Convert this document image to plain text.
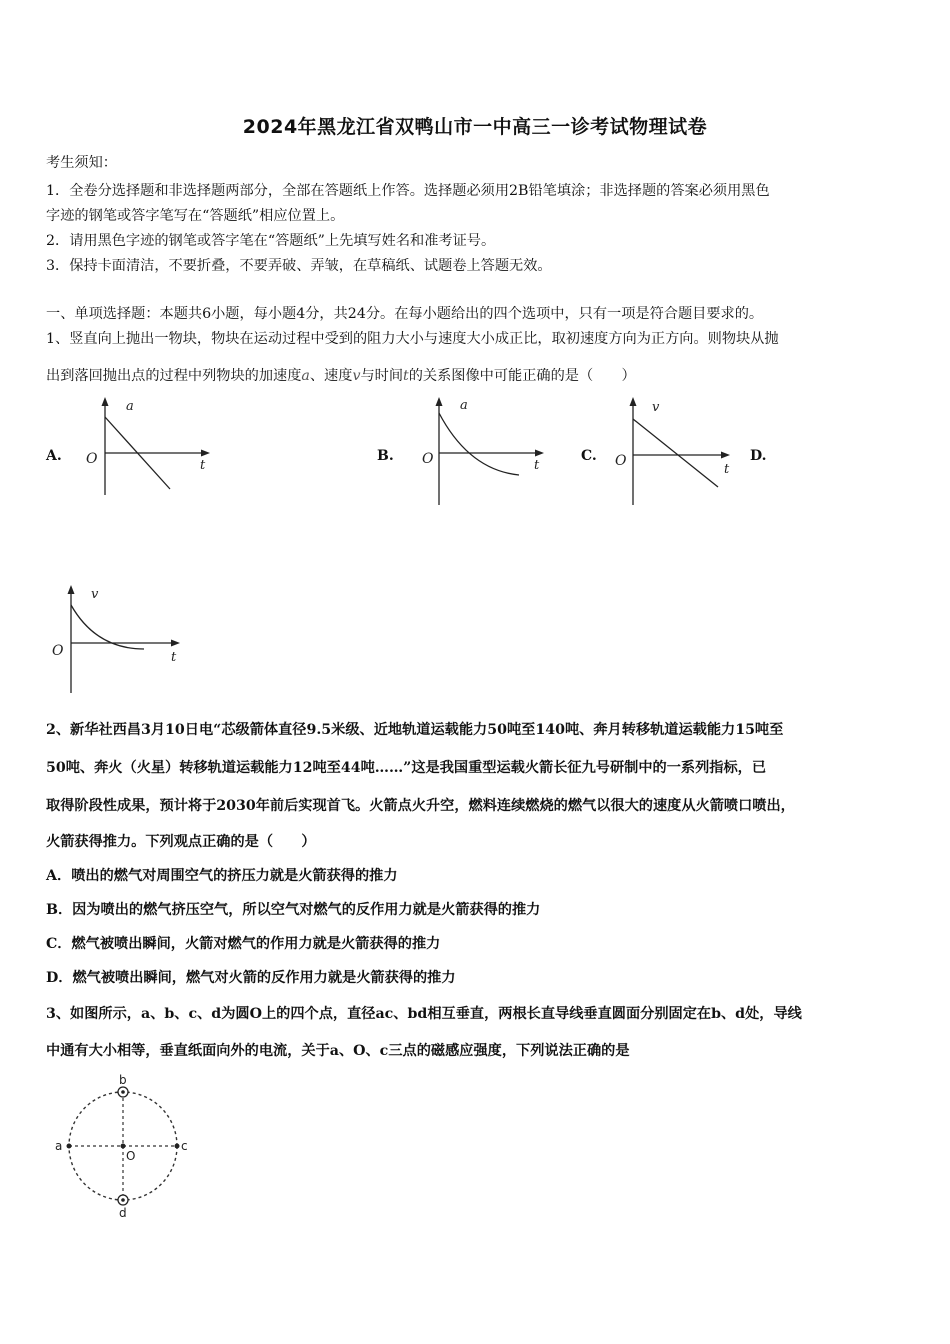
2024年黑龙江省双鸭山市一中高三一诊考试物理试卷
考生须知：
1．全卷分选择题和非选择题两部分，全部在答题纸上作答。选择题必须用2B铅笔填涂；非选择题的答案必须用黑色
字迹的钢笔或答字笔写在“答题纸”相应位置上。
2．请用黑色字迹的钢笔或答字笔在“答题纸”上先填写姓名和准考证号。
3．保持卡面清洁，不要折叠，不要弄破、弄皱，在草稿纸、试题卷上答题无效。
一、单项选择题：本题共6小题，每小题4分，共24分。在每小题给出的四个选项中，只有一项是符合题目要求的。
1、竖直向上抛出一物块，物块在运动过程中受到的阻力大小与速度大小成正比，取初速度方向为正方向。则物块从抛
出到落回抛出点的过程中列物块的加速度a、速度v与时间t的关系图像中可能正确的是（　　）
A.	B.	C.	D.
a
t
O
a
t
O
v
t
O
v
t
O
2、新华社西昌3月10日电“芯级箭体直径9.5米级、近地轨道运载能力50吨至140吨、奔月转移轨道运载能力15吨至
50吨、奔火（火星）转移轨道运载能力12吨至44吨……”这是我国重型运载火箭长征九号研制中的一系列指标，已
取得阶段性成果，预计将于2030年前后实现首飞。火箭点火升空，燃料连续燃烧的燃气以很大的速度从火箭喷口喷出，
火箭获得推力。下列观点正确的是（　　）
A．喷出的燃气对周围空气的挤压力就是火箭获得的推力
B．因为喷出的燃气挤压空气，所以空气对燃气的反作用力就是火箭获得的推力
C．燃气被喷出瞬间，火箭对燃气的作用力就是火箭获得的推力
D．燃气被喷出瞬间，燃气对火箭的反作用力就是火箭获得的推力
3、如图所示，a、b、c、d为圆O上的四个点，直径ac、bd相互垂直，两根长直导线垂直圆面分别固定在b、d处，导线
中通有大小相等，垂直纸面向外的电流，关于a、O、c三点的磁感应强度，下列说法正确的是
b
a	c
d
O
